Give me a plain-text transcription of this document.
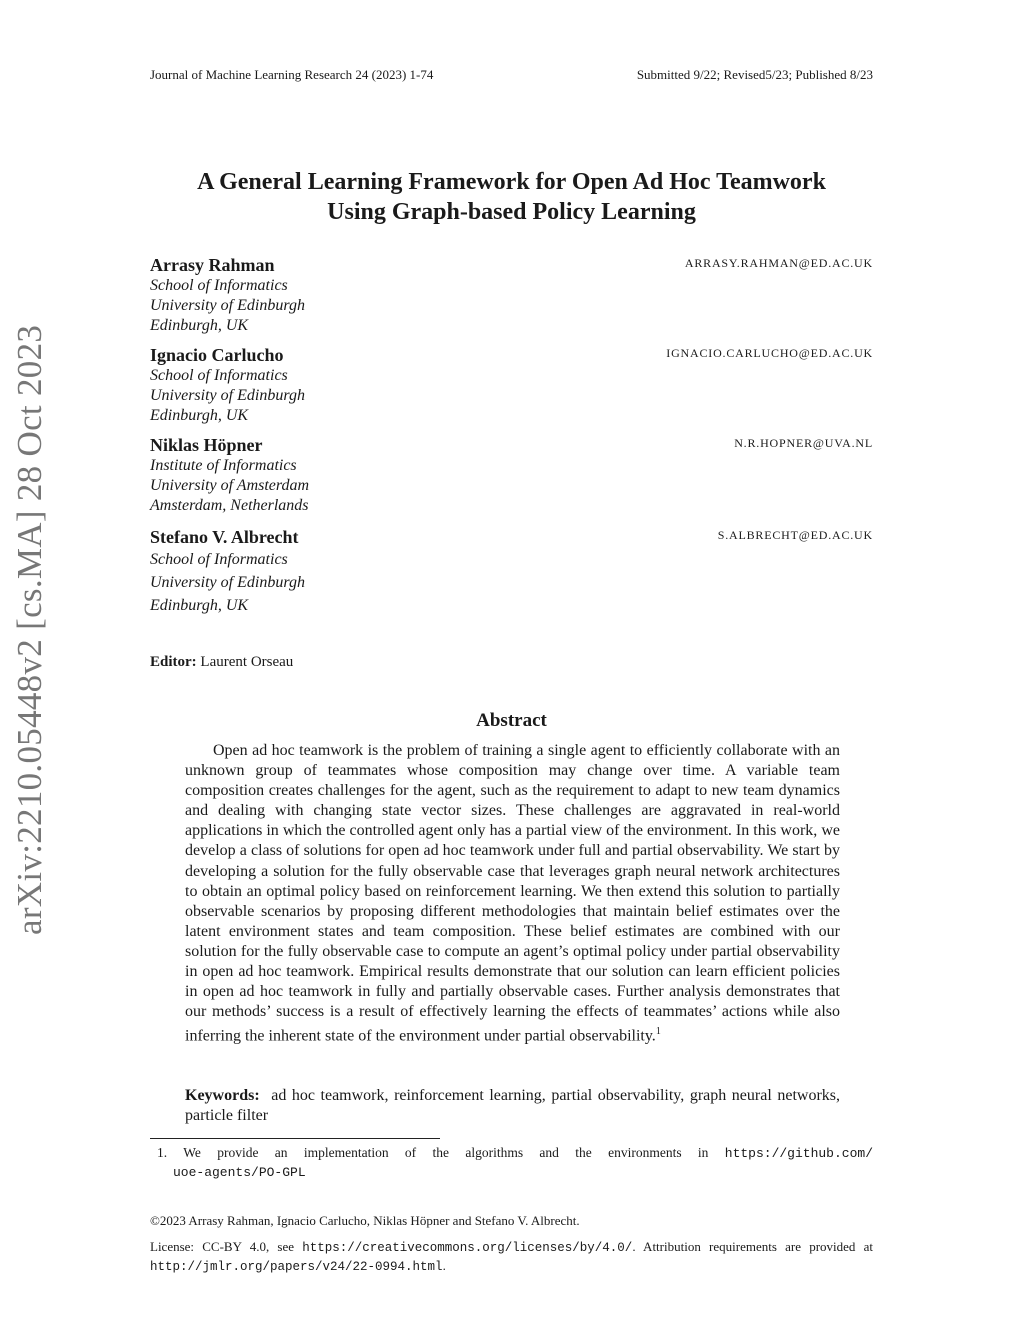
Journal of Machine Learning Research 24 (2023) 1-74	Submitted 9/22; Revised5/23; Published 8/23
arXiv:2210.05448v2 [cs.MA] 28 Oct 2023
A General Learning Framework for Open Ad Hoc Teamwork
Using Graph-based Policy Learning
Arrasy Rahman	ARRASY.RAHMAN@ED.AC.UK
School of Informatics
University of Edinburgh
Edinburgh, UK
Ignacio Carlucho	IGNACIO.CARLUCHO@ED.AC.UK
School of Informatics
University of Edinburgh
Edinburgh, UK
Niklas Höpner	N.R.HOPNER@UVA.NL
Institute of Informatics
University of Amsterdam
Amsterdam, Netherlands
Stefano V. Albrecht	S.ALBRECHT@ED.AC.UK
School of Informatics
University of Edinburgh
Edinburgh, UK
Editor: Laurent Orseau
Abstract
Open ad hoc teamwork is the problem of training a single agent to efficiently collaborate with an unknown group of teammates whose composition may change over time. A variable team composition creates challenges for the agent, such as the requirement to adapt to new team dynamics and dealing with changing state vector sizes. These challenges are aggravated in real-world applications in which the controlled agent only has a partial view of the environment. In this work, we develop a class of solutions for open ad hoc teamwork under full and partial observability. We start by developing a solution for the fully observable case that leverages graph neural network architectures to obtain an optimal policy based on reinforcement learning. We then extend this solution to partially observable scenarios by proposing different methodologies that maintain belief estimates over the latent environment states and team composition. These belief estimates are combined with our solution for the fully observable case to compute an agent’s optimal policy under partial observability in open ad hoc teamwork. Empirical results demonstrate that our solution can learn efficient policies in open ad hoc teamwork in fully and partially observable cases. Further analysis demonstrates that our methods’ success is a result of effectively learning the effects of teammates’ actions while also inferring the inherent state of the environment under partial observability.$^1$
Keywords: ad hoc teamwork, reinforcement learning, partial observability, graph neural networks, particle filter
1. We provide an implementation of the algorithms and the environments in https://github.com/
uoe-agents/PO-GPL
©2023 Arrasy Rahman, Ignacio Carlucho, Niklas Höpner and Stefano V. Albrecht.
License: CC-BY 4.0, see https://creativecommons.org/licenses/by/4.0/. Attribution requirements are provided at
http://jmlr.org/papers/v24/22-0994.html.
